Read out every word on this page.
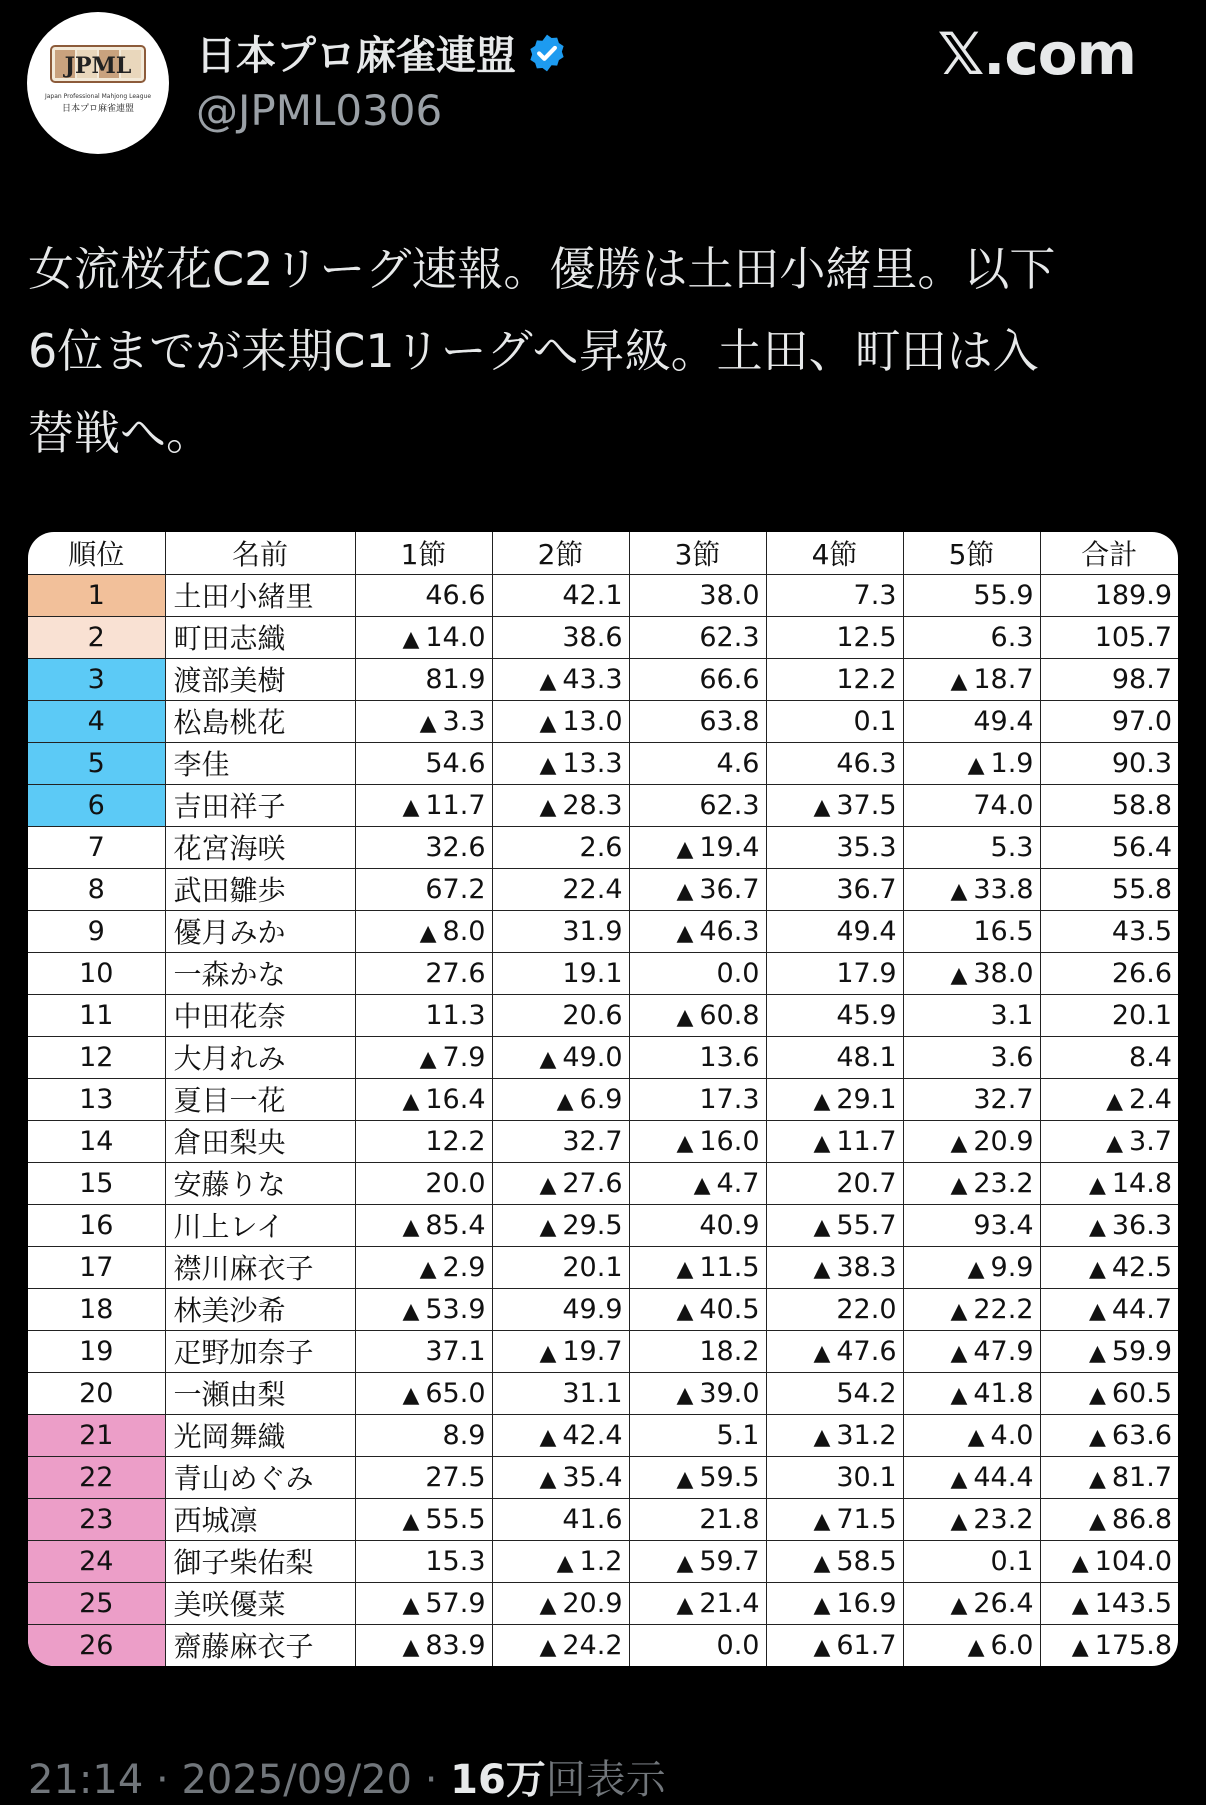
JPML
Japan Professional Mahjong League
日本プロ麻雀連盟
日本プロ麻雀連盟
@JPML0306
𝕏.com

女流桜花C2リーグ速報。優勝は土田小緒里。以下
6位までが来期C1リーグへ昇級。土田、町田は入
替戦へ。

順位	名前	1節	2節	3節	4節	5節	合計
1	土田小緒里	46.6	42.1	38.0	7.3	55.9	189.9
2	町田志織	▲ 14.0	38.6	62.3	12.5	6.3	105.7
3	渡部美樹	81.9	▲ 43.3	66.6	12.2	▲ 18.7	98.7
4	松島桃花	▲ 3.3	▲ 13.0	63.8	0.1	49.4	97.0
5	李佳	54.6	▲ 13.3	4.6	46.3	▲ 1.9	90.3
6	吉田祥子	▲ 11.7	▲ 28.3	62.3	▲ 37.5	74.0	58.8
7	花宮海咲	32.6	2.6	▲ 19.4	35.3	5.3	56.4
8	武田雛歩	67.2	22.4	▲ 36.7	36.7	▲ 33.8	55.8
9	優月みか	▲ 8.0	31.9	▲ 46.3	49.4	16.5	43.5
10	一森かな	27.6	19.1	0.0	17.9	▲ 38.0	26.6
11	中田花奈	11.3	20.6	▲ 60.8	45.9	3.1	20.1
12	大月れみ	▲ 7.9	▲ 49.0	13.6	48.1	3.6	8.4
13	夏目一花	▲ 16.4	▲ 6.9	17.3	▲ 29.1	32.7	▲ 2.4
14	倉田梨央	12.2	32.7	▲ 16.0	▲ 11.7	▲ 20.9	▲ 3.7
15	安藤りな	20.0	▲ 27.6	▲ 4.7	20.7	▲ 23.2	▲ 14.8
16	川上レイ	▲ 85.4	▲ 29.5	40.9	▲ 55.7	93.4	▲ 36.3
17	襟川麻衣子	▲ 2.9	20.1	▲ 11.5	▲ 38.3	▲ 9.9	▲ 42.5
18	林美沙希	▲ 53.9	49.9	▲ 40.5	22.0	▲ 22.2	▲ 44.7
19	疋野加奈子	37.1	▲ 19.7	18.2	▲ 47.6	▲ 47.9	▲ 59.9
20	一瀬由梨	▲ 65.0	31.1	▲ 39.0	54.2	▲ 41.8	▲ 60.5
21	光岡舞織	8.9	▲ 42.4	5.1	▲ 31.2	▲ 4.0	▲ 63.6
22	青山めぐみ	27.5	▲ 35.4	▲ 59.5	30.1	▲ 44.4	▲ 81.7
23	西城凛	▲ 55.5	41.6	21.8	▲ 71.5	▲ 23.2	▲ 86.8
24	御子柴佑梨	15.3	▲ 1.2	▲ 59.7	▲ 58.5	0.1	▲ 104.0
25	美咲優菜	▲ 57.9	▲ 20.9	▲ 21.4	▲ 16.9	▲ 26.4	▲ 143.5
26	齋藤麻衣子	▲ 83.9	▲ 24.2	0.0	▲ 61.7	▲ 6.0	▲ 175.8
21:14 · 2025/09/20 · 16万回表示
